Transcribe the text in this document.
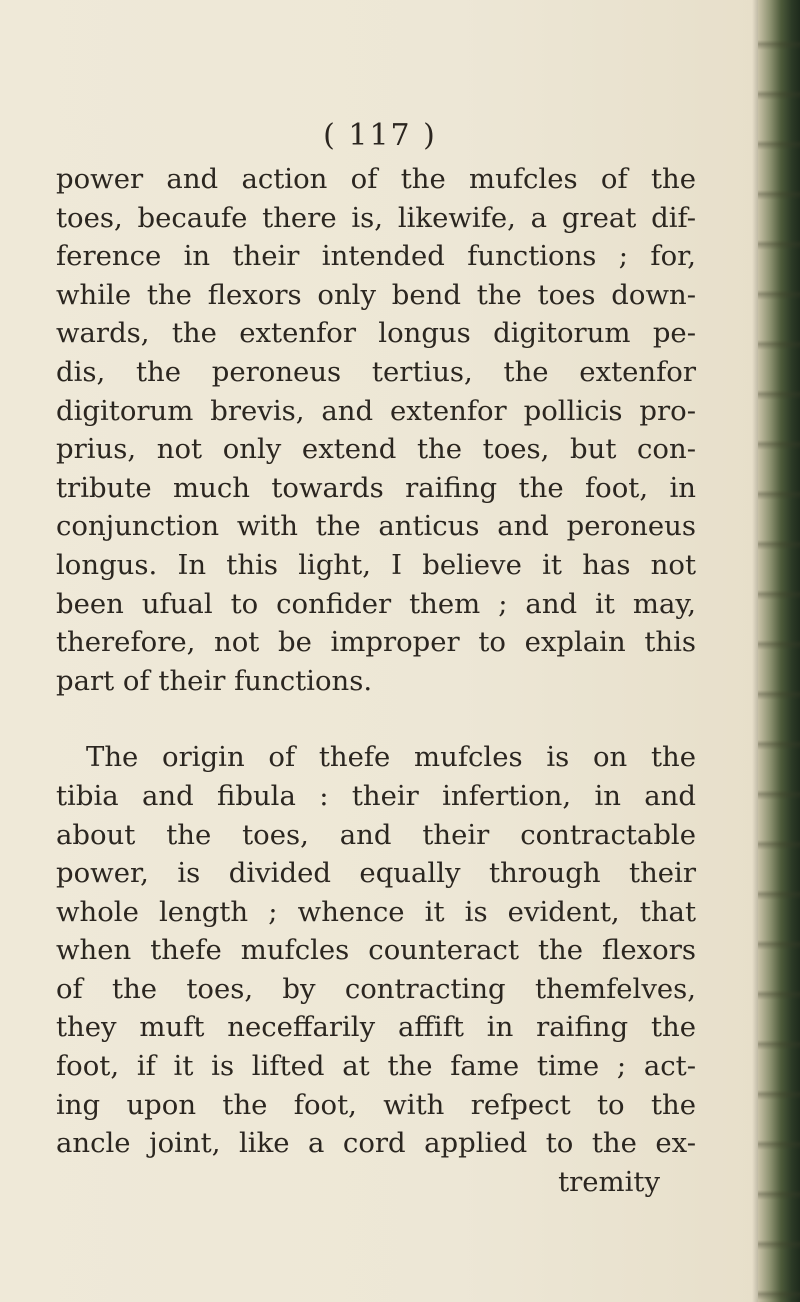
( 117 )
power and action of the mufcles of the
toes, becaufe there is, likewife, a great dif-
ference in their intended functions ; for,
while the flexors only bend the toes down-
wards, the extenfor longus digitorum pe-
dis, the peroneus tertius, the extenfor
digitorum brevis, and extenfor pollicis pro-
prius, not only extend the toes, but con-
tribute much towards raifing the foot, in
conjunction with the anticus and peroneus
longus. In this light, I believe it has not
been ufual to confider them ; and it may,
therefore, not be improper to explain this
part of their functions.
The origin of thefe mufcles is on the
tibia and fibula : their infertion, in and
about the toes, and their contractable
power, is divided equally through their
whole length ; whence it is evident, that
when thefe mufcles counteract the flexors
of the toes, by contracting themfelves,
they muft neceffarily affift in raifing the
foot, if it is lifted at the fame time ; act-
ing upon the foot, with refpect to the
ancle joint, like a cord applied to the ex-
tremity
